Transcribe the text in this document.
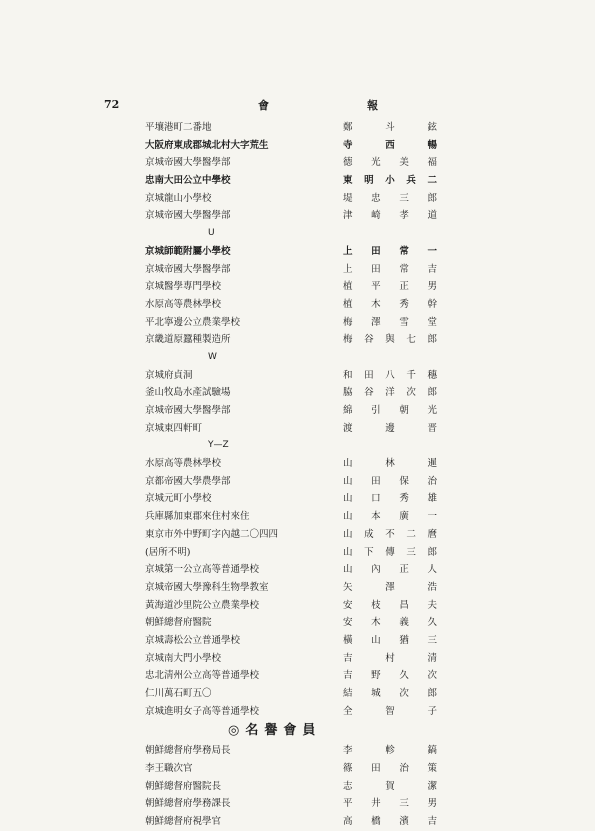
72	會	報
平壤港町二番地	鄭	斗	鉉
大阪府東成郡城北村大字荒生	寺	西	暢
京城帝國大學醫學部	德 光 美 福
忠南大田公立中學校	東 明 小 兵 二
京城龍山小學校	堤 忠 三 郎
京城帝國大學醫學部	津 崎 孝 道
U
京城師範附屬小學校	上 田 常 一
京城帝國大學醫學部	上 田 常 吉
京城醫學專門學校	植 平 正 男
水原高等農林學校	植 木 秀 幹
平北寧邊公立農業學校	梅 澤 雪 堂
京畿道原蠶種製造所	梅 谷 與 七 郎
W
京城府貞洞	和 田 八 千 穗
釜山牧島水產試驗場	脇 谷 洋 次 郎
京城帝國大學醫學部	綿 引 朝 光
京城東四軒町	渡	邊	晋
Y—Z
水原高等農林學校	山	林	暹
京都帝國大學農學部	山 田 保 治
京城元町小學校	山 口 秀 雄
兵庫縣加東郡來住村來住	山 本 廣 一
東京市外中野町字內越二〇四四	山 成 不 二 麿
(居所不明)	山 下 傳 三 郎
京城第一公立高等普通學校	山 內 正 人
京城帝國大學豫科生物學教室	矢	澤	浩
黃海道沙里院公立農業學校	安 枝 昌 夫
朝鮮總督府醫院	安 木 義 久
京城壽松公立普通學校	橫 山 猶 三
京城南大門小學校	吉	村	清
忠北淸州公立高等普通學校	吉 野 久 次
仁川萬石町五〇	結 城 次 郎
京城進明女子高等普通學校	全	智	子
◎名譽會員
朝鮮總督府學務局長	李	軫	鎬
李王職次官	篠 田 治 策
朝鮮總督府醫院長	志	賀	潔
朝鮮總督府學務課長	平 井 三 男
朝鮮總督府視學官	高 橋 濱 吉
